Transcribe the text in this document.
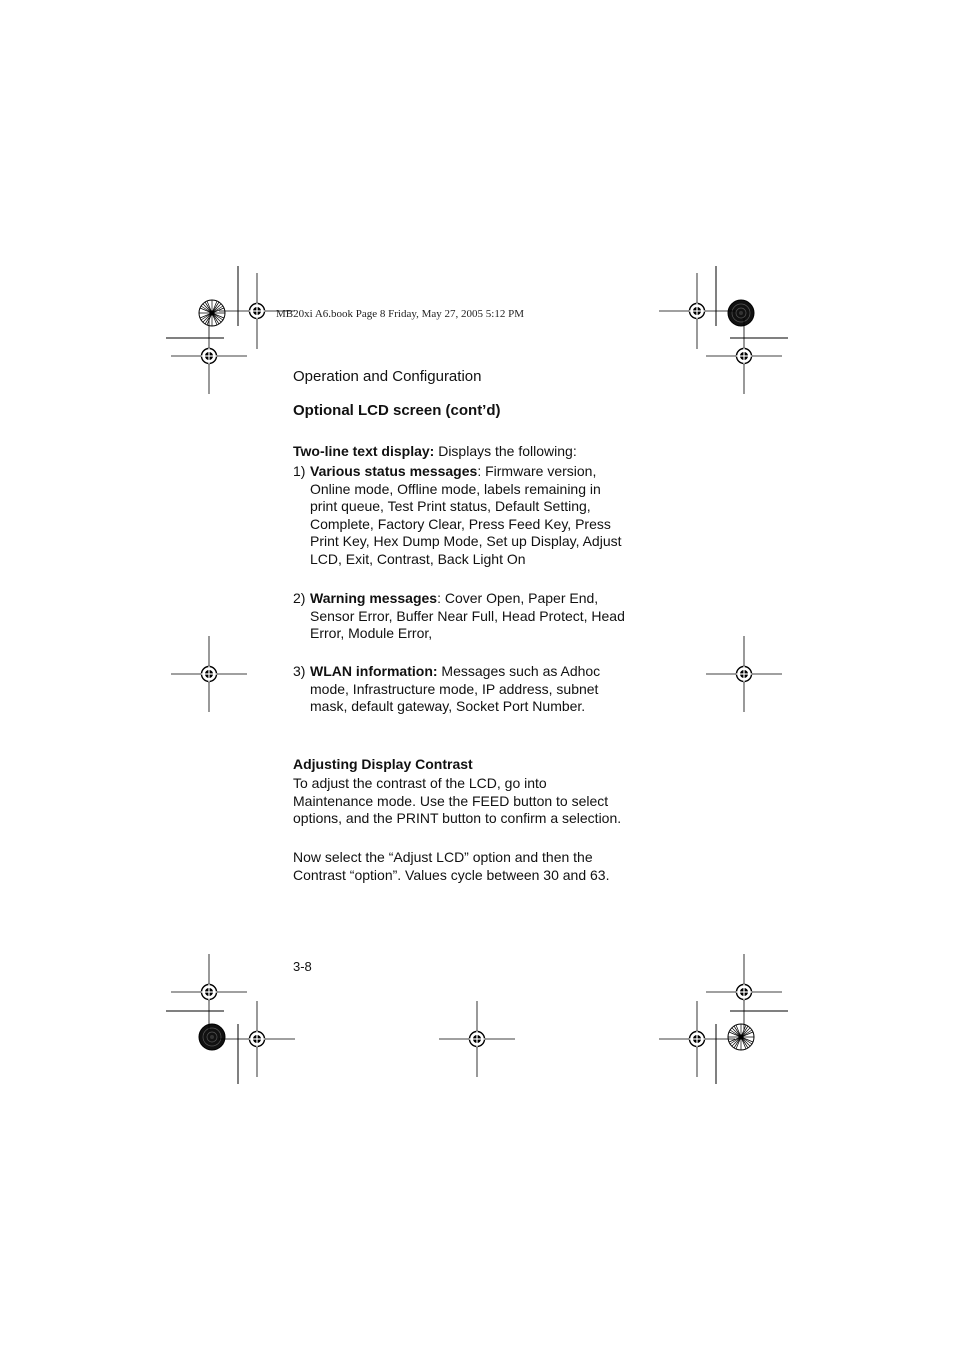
MB20xi A6.book Page 8 Friday, May 27, 2005 5:12 PM
Operation and Configuration
Optional LCD screen (cont’d)
Two-line text display: Displays the following:
1) Various status messages: Firmware version,
Online mode, Offline mode, labels remaining in
print queue, Test Print status, Default Setting,
Complete, Factory Clear, Press Feed Key, Press
Print Key, Hex Dump Mode, Set up Display, Adjust
LCD, Exit, Contrast, Back Light On
2) Warning messages: Cover Open, Paper End,
Sensor Error, Buffer Near Full, Head Protect, Head
Error, Module Error,
3) WLAN information: Messages such as Adhoc
mode, Infrastructure mode, IP address, subnet
mask, default gateway, Socket Port Number.
Adjusting Display Contrast
To adjust the contrast of the LCD, go into
Maintenance mode. Use the FEED button to select
options, and the PRINT button to confirm a selection.
Now select the “Adjust LCD” option and then the
Contrast “option”. Values cycle between 30 and 63.
3-8
